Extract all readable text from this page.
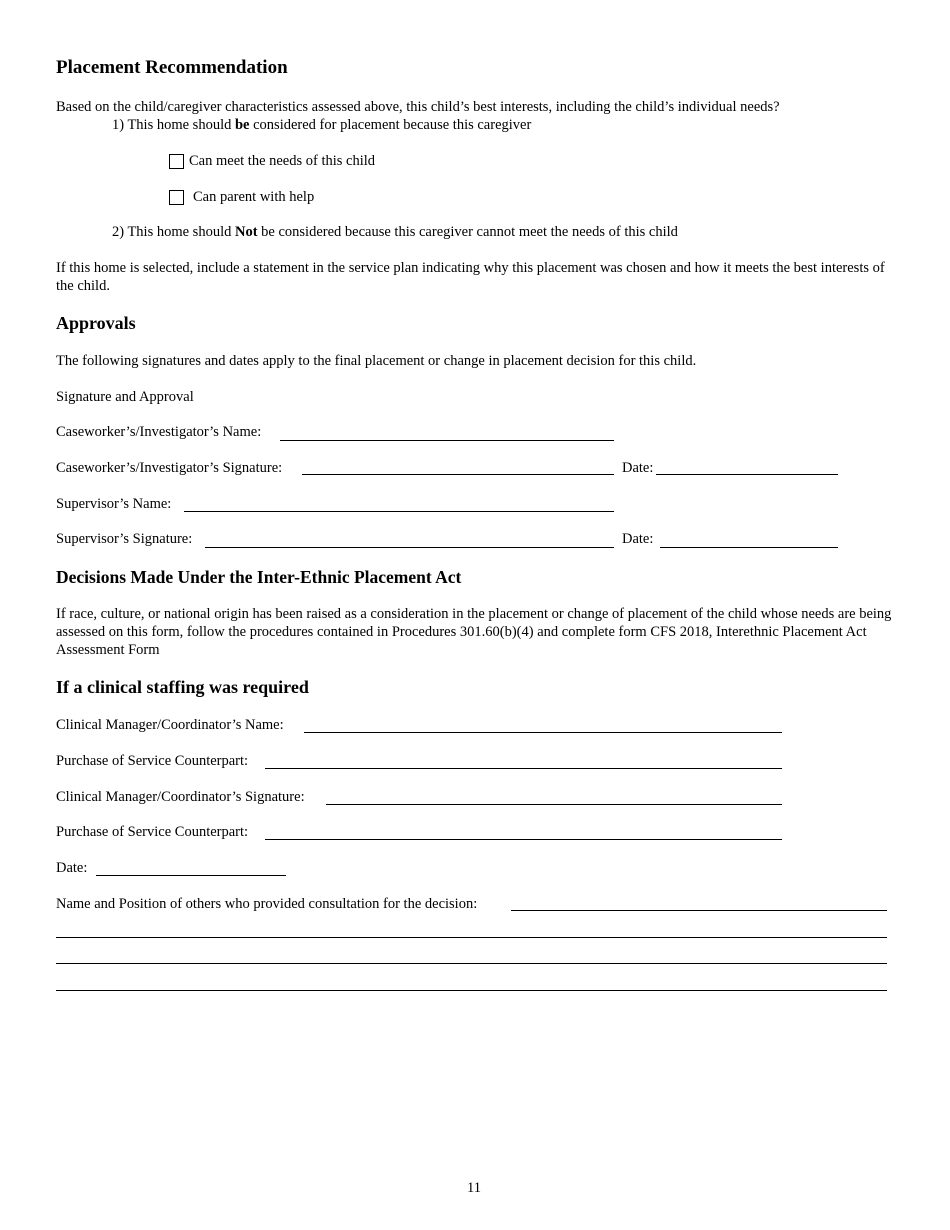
Placement Recommendation
Based on the child/caregiver characteristics assessed above, this child’s best interests, including the child’s individual needs?
1) This home should be considered for placement because this caregiver
Can meet the needs of this child
Can parent with help
2) This home should Not be considered because this caregiver cannot meet the needs of this child
If this home is selected, include a statement in the service plan indicating why this placement was chosen and how it meets the best interests of the child.
Approvals
The following signatures and dates apply to the final placement or change in placement decision for this child.
Signature and Approval
Caseworker’s/Investigator’s Name:
Caseworker’s/Investigator’s Signature:	Date:
Supervisor’s Name:
Supervisor’s Signature:	Date:
Decisions Made Under the Inter-Ethnic Placement Act
If race, culture, or national origin has been raised as a consideration in the placement or change of placement of the child whose needs are being assessed on this form, follow the procedures contained in Procedures 301.60(b)(4) and complete form CFS 2018, Interethnic Placement Act Assessment Form
If a clinical staffing was required
Clinical Manager/Coordinator’s Name:
Purchase of Service Counterpart:
Clinical Manager/Coordinator’s Signature:
Purchase of Service Counterpart:
Date:
Name and Position of others who provided consultation for the decision:
11
